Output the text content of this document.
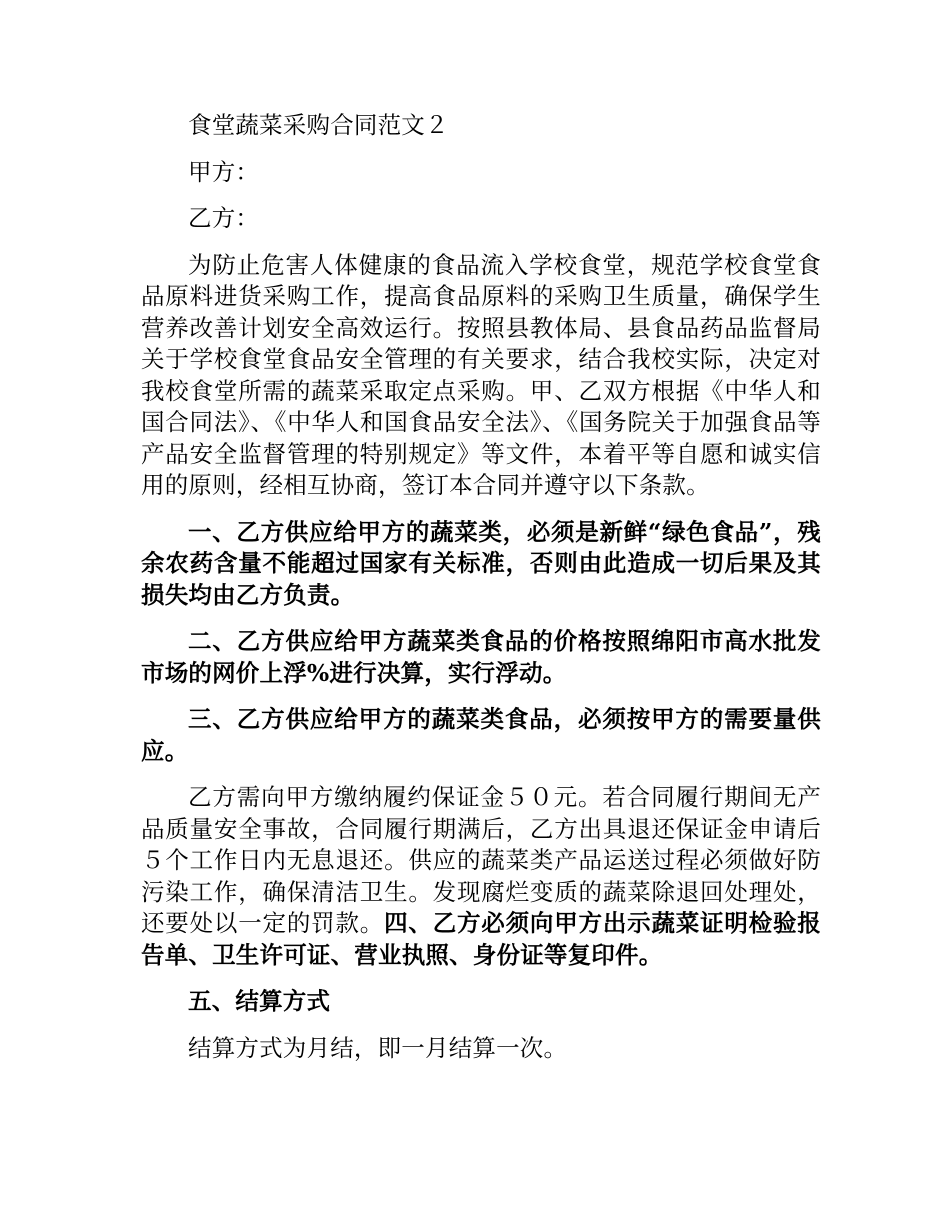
食堂蔬菜采购合同范文２

甲方：

乙方：

为防止危害人体健康的食品流入学校食堂，规范学校食堂食品原料进货采购工作，提高食品原料的采购卫生质量，确保学生营养改善计划安全高效运行。按照县教体局、县食品药品监督局关于学校食堂食品安全管理的有关要求，结合我校实际，决定对我校食堂所需的蔬菜采取定点采购。甲、乙双方根据《中华人和国合同法》、《中华人和国食品安全法》、《国务院关于加强食品等产品安全监督管理的特别规定》等文件，本着平等自愿和诚实信用的原则，经相互协商，签订本合同并遵守以下条款。

一、乙方供应给甲方的蔬菜类，必须是新鲜“绿色食品”，残余农药含量不能超过国家有关标准，否则由此造成一切后果及其损失均由乙方负责。

二、乙方供应给甲方蔬菜类食品的价格按照绵阳市高水批发市场的网价上浮%进行决算，实行浮动。

三、乙方供应给甲方的蔬菜类食品，必须按甲方的需要量供应。

乙方需向甲方缴纳履约保证金５０元。若合同履行期间无产品质量安全事故，合同履行期满后，乙方出具退还保证金申请后５个工作日内无息退还。供应的蔬菜类产品运送过程必须做好防污染工作，确保清洁卫生。发现腐烂变质的蔬菜除退回处理处，还要处以一定的罚款。四、乙方必须向甲方出示蔬菜证明检验报告单、卫生许可证、营业执照、身份证等复印件。

五、结算方式

结算方式为月结，即一月结算一次。
